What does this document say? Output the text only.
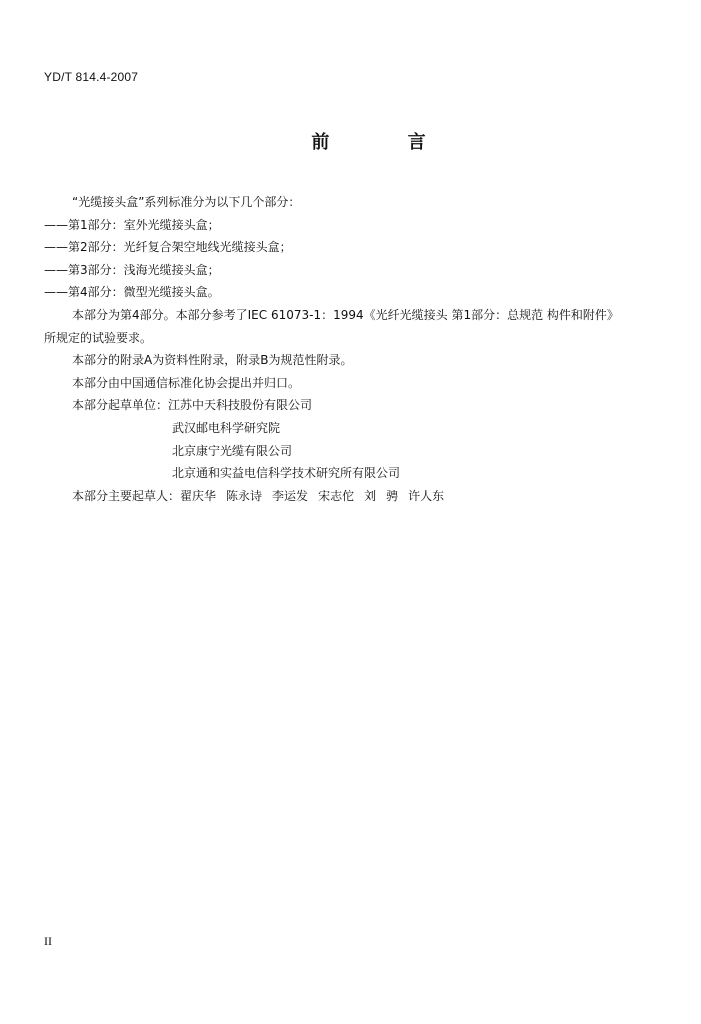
YD/T 814.4-2007
前 言
“光缆接头盒”系列标准分为以下几个部分：
——第1部分：室外光缆接头盒；
——第2部分：光纤复合架空地线光缆接头盒；
——第3部分：浅海光缆接头盒；
——第4部分：微型光缆接头盒。
本部分为第4部分。本部分参考了IEC 61073-1：1994《光纤光缆接头 第1部分：总规范 构件和附件》
所规定的试验要求。
本部分的附录A为资料性附录，附录B为规范性附录。
本部分由中国通信标准化协会提出并归口。
本部分起草单位：江苏中天科技股份有限公司
武汉邮电科学研究院
北京康宁光缆有限公司
北京通和实益电信科学技术研究所有限公司
本部分主要起草人：翟庆华 陈永诗 李运发 宋志佗 刘 骋 许人东
II
